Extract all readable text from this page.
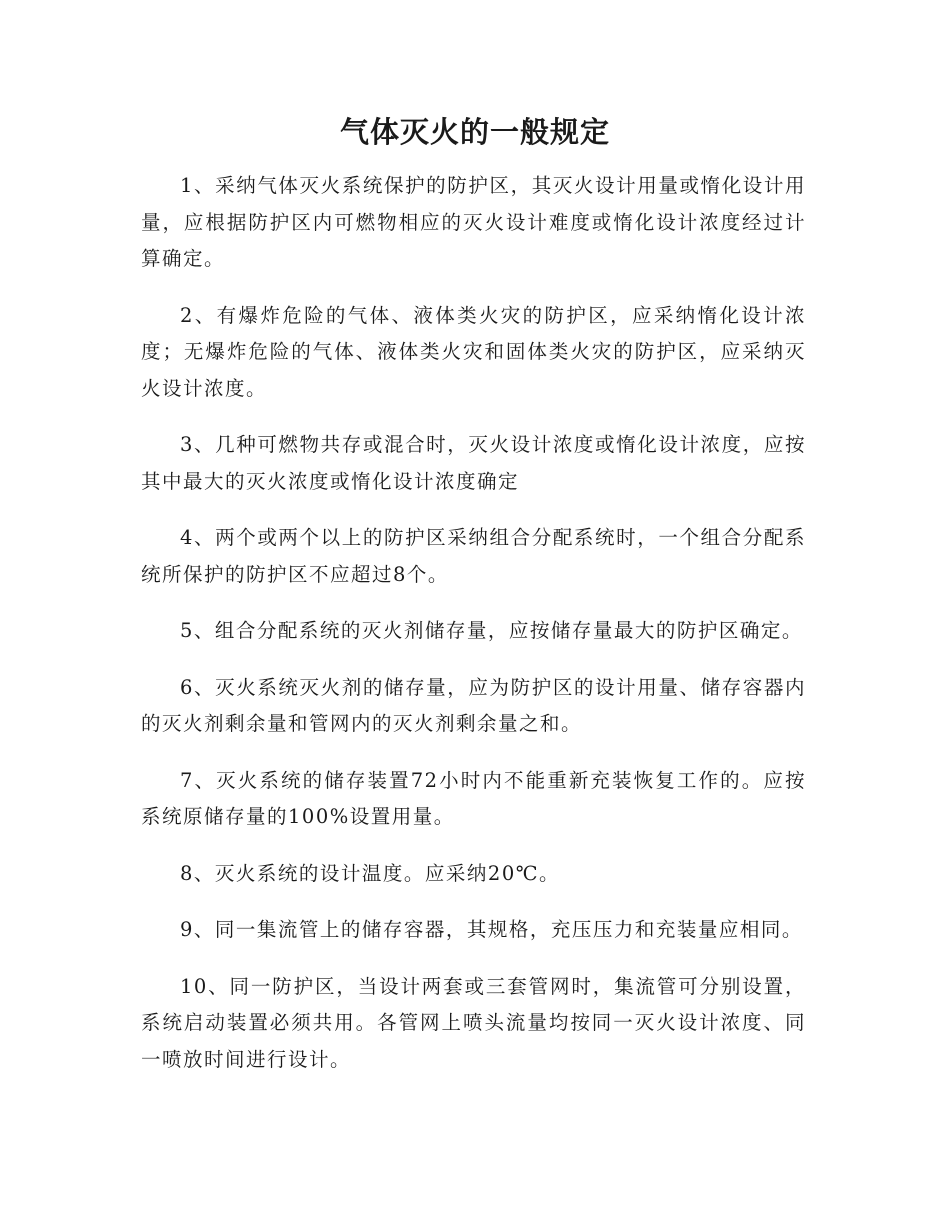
气体灭火的一般规定

1、采纳气体灭火系统保护的防护区，其灭火设计用量或惰化设计用量，应根据防护区内可燃物相应的灭火设计难度或惰化设计浓度经过计算确定。

2、有爆炸危险的气体、液体类火灾的防护区，应采纳惰化设计浓度；无爆炸危险的气体、液体类火灾和固体类火灾的防护区，应采纳灭火设计浓度。

3、几种可燃物共存或混合时，灭火设计浓度或惰化设计浓度，应按其中最大的灭火浓度或惰化设计浓度确定

4、两个或两个以上的防护区采纳组合分配系统时，一个组合分配系统所保护的防护区不应超过8个。

5、组合分配系统的灭火剂储存量，应按储存量最大的防护区确定。

6、灭火系统灭火剂的储存量，应为防护区的设计用量、储存容器内的灭火剂剩余量和管网内的灭火剂剩余量之和。

7、灭火系统的储存装置72小时内不能重新充装恢复工作的。应按系统原储存量的100%设置用量。

8、灭火系统的设计温度。应采纳20℃。

9、同一集流管上的储存容器，其规格，充压压力和充装量应相同。

10、同一防护区，当设计两套或三套管网时，集流管可分别设置，系统启动装置必须共用。各管网上喷头流量均按同一灭火设计浓度、同一喷放时间进行设计。
